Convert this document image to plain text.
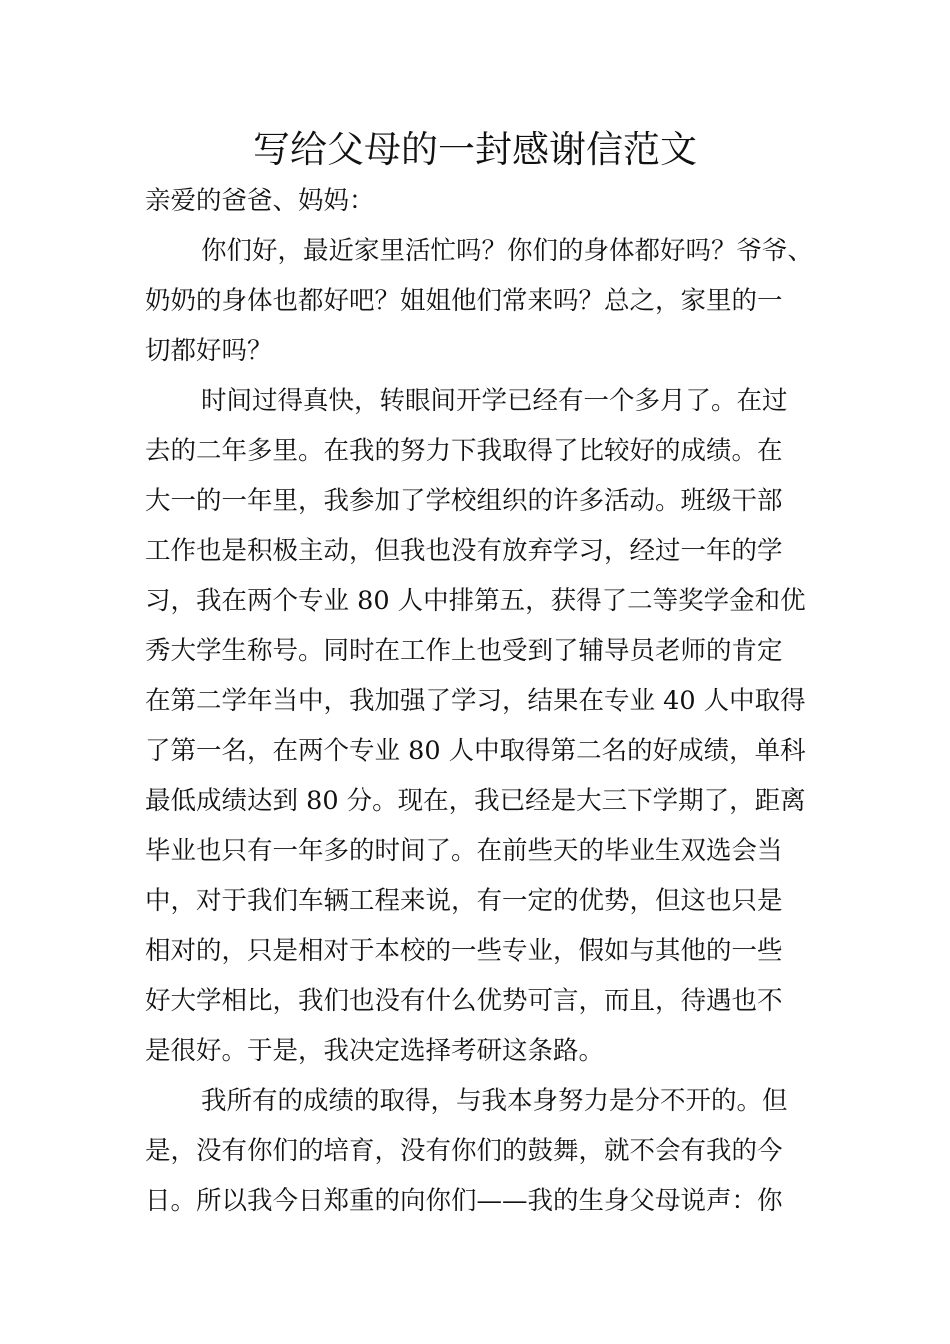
写给父母的一封感谢信范文
亲爱的爸爸、妈妈：
你们好，最近家里活忙吗？你们的身体都好吗？爷爷、
奶奶的身体也都好吧？姐姐他们常来吗？总之，家里的一
切都好吗？
时间过得真快，转眼间开学已经有一个多月了。在过
去的二年多里。在我的努力下我取得了比较好的成绩。在
大一的一年里，我参加了学校组织的许多活动。班级干部
工作也是积极主动，但我也没有放弃学习，经过一年的学
习，我在两个专业 80 人中排第五，获得了二等奖学金和优
秀大学生称号。同时在工作上也受到了辅导员老师的肯定
在第二学年当中，我加强了学习，结果在专业 40 人中取得
了第一名，在两个专业 80 人中取得第二名的好成绩，单科
最低成绩达到 80 分。现在，我已经是大三下学期了，距离
毕业也只有一年多的时间了。在前些天的毕业生双选会当
中，对于我们车辆工程来说，有一定的优势，但这也只是
相对的，只是相对于本校的一些专业，假如与其他的一些
好大学相比，我们也没有什么优势可言，而且，待遇也不
是很好。于是，我决定选择考研这条路。
我所有的成绩的取得，与我本身努力是分不开的。但
是，没有你们的培育，没有你们的鼓舞，就不会有我的今
日。所以我今日郑重的向你们——我的生身父母说声：你
